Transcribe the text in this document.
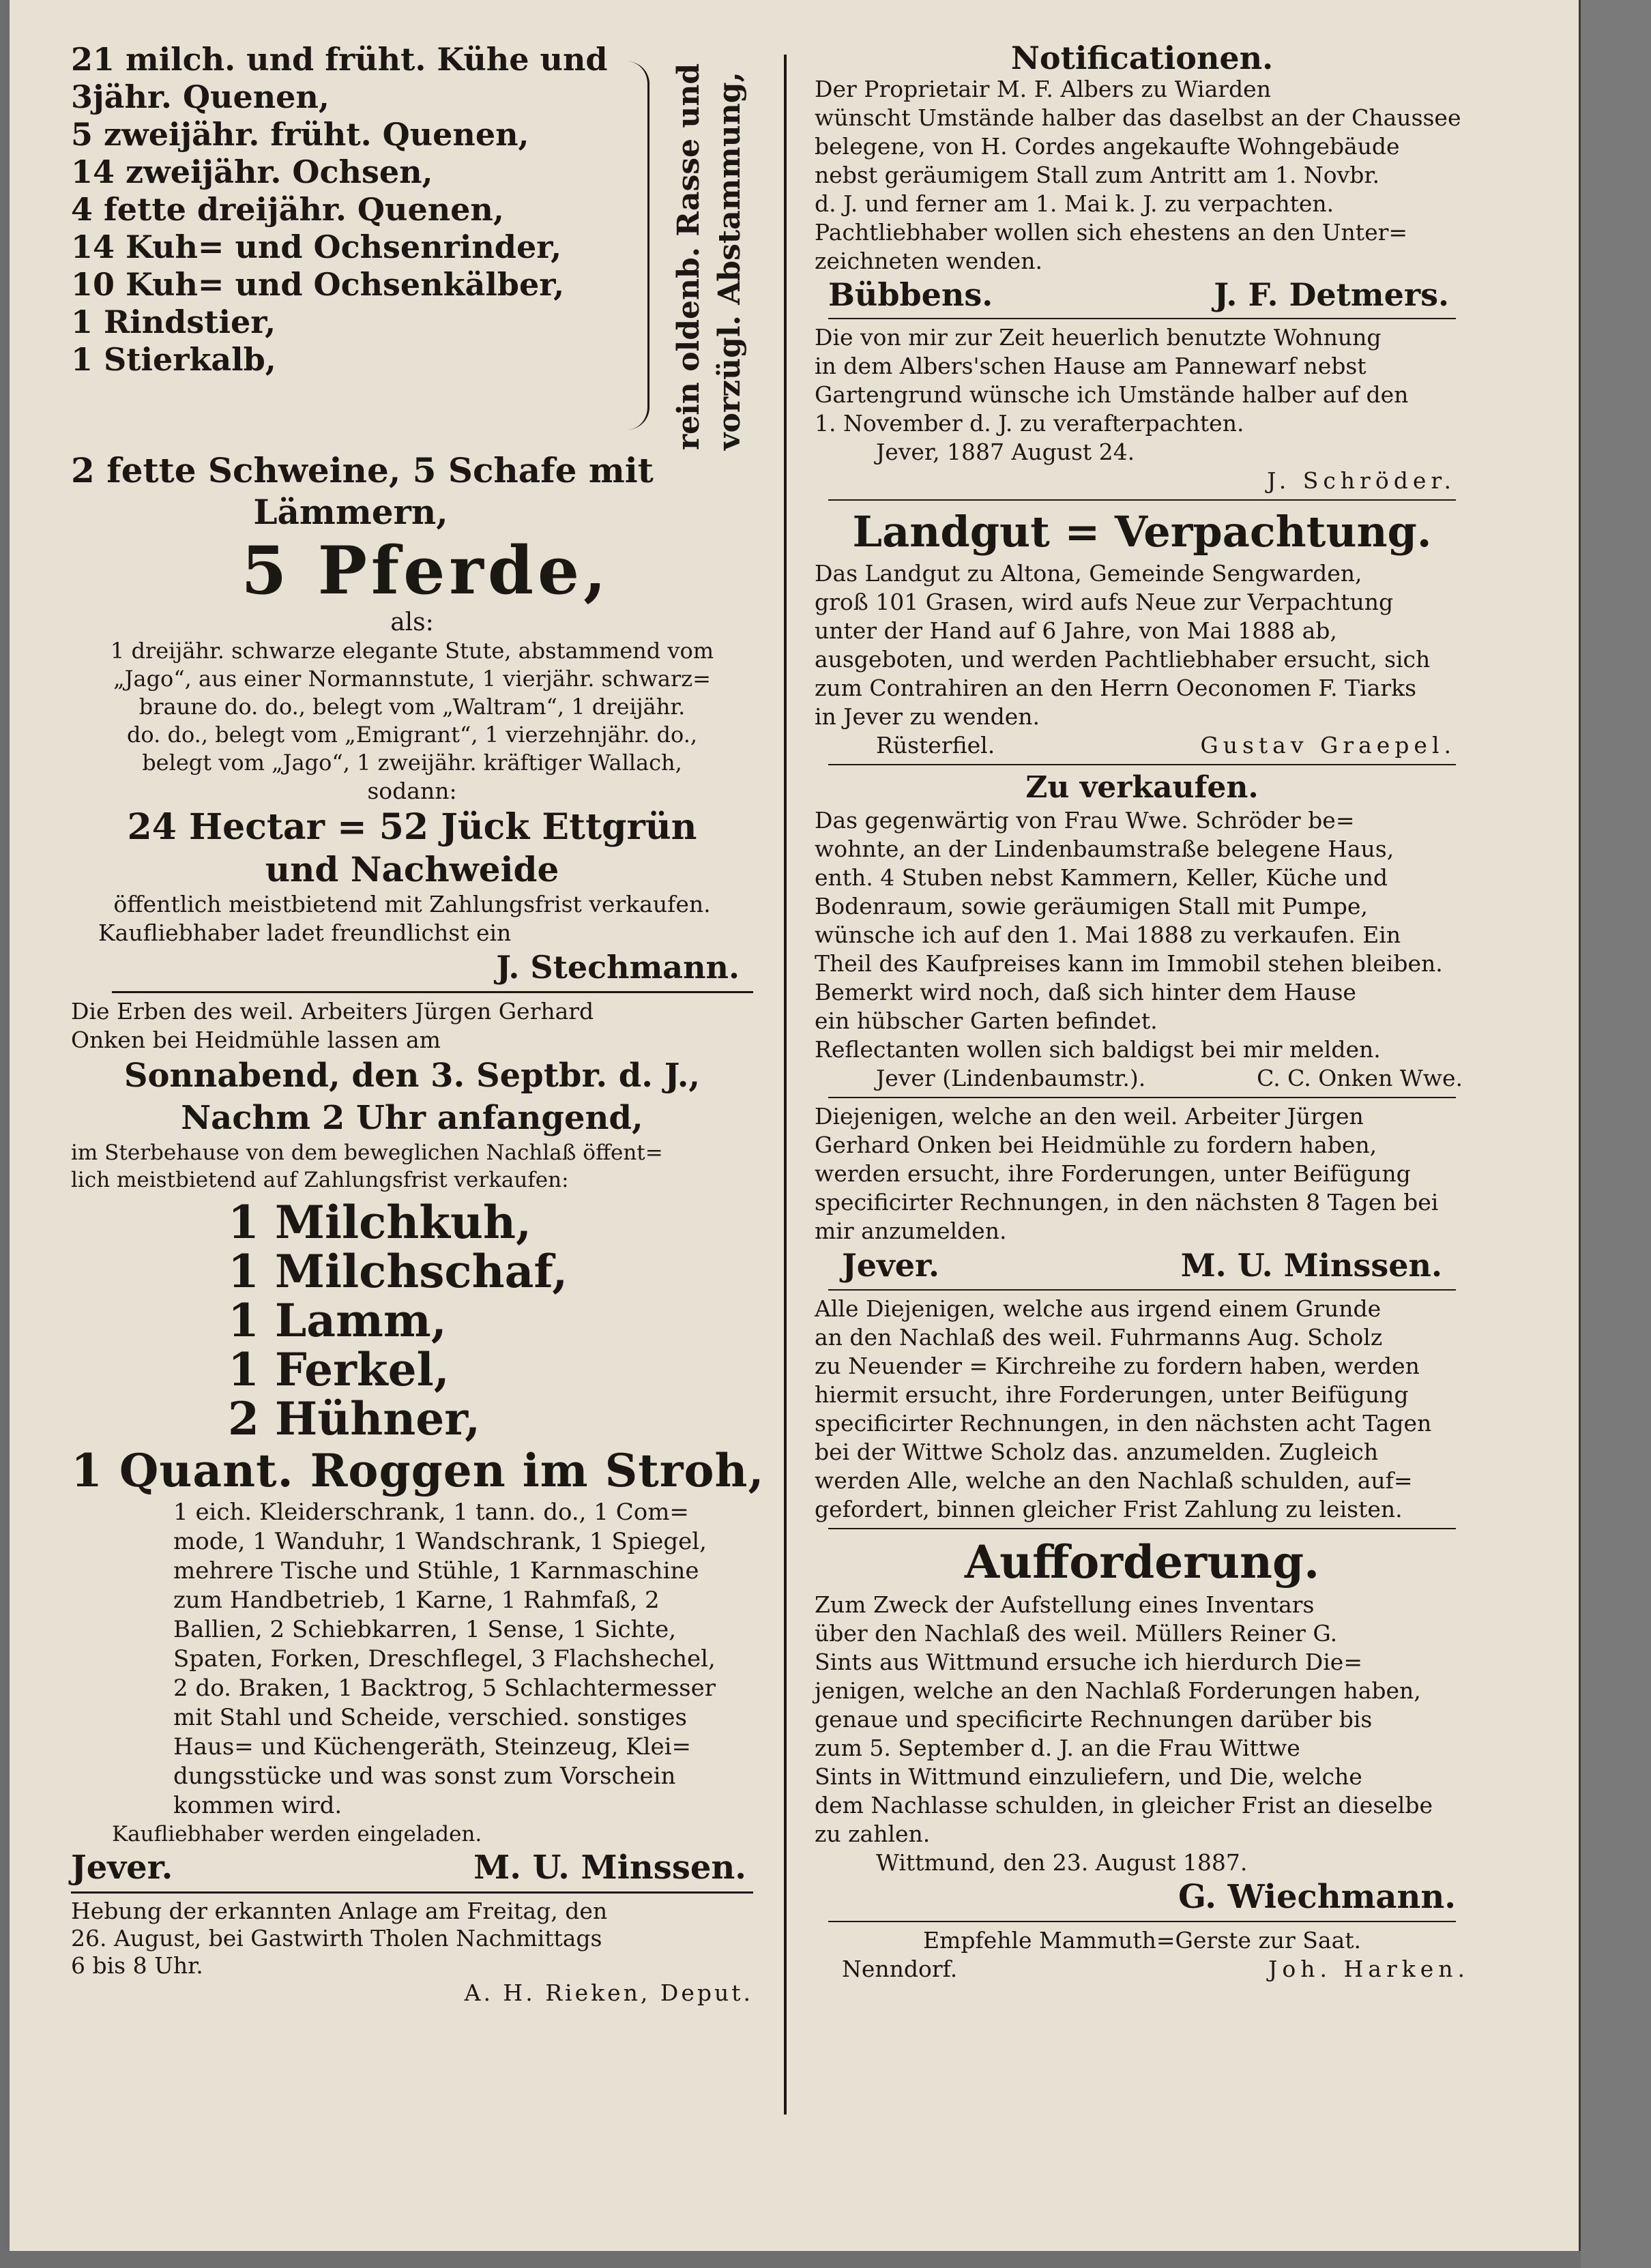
21 milch. und früht. Kühe und
3jähr. Quenen,
5 zweijähr. früht. Quenen,
14 zweijähr. Ochsen,
4 fette dreijähr. Quenen,
14 Kuh= und Ochsenrinder,
10 Kuh= und Ochsenkälber,
1 Rindstier,
1 Stierkalb,	rein oldenb. Rasse und vorzügl. Abstammung,
2 fette Schweine, 5 Schafe mit
Lämmern,
5 Pferde,
als:
1 dreijähr. schwarze elegante Stute, abstammend vom
„Jago“, aus einer Normannstute, 1 vierjähr. schwarz=
braune do. do., belegt vom „Waltram“, 1 dreijähr.
do. do., belegt vom „Emigrant“, 1 vierzehnjähr. do.,
belegt vom „Jago“, 1 zweijähr. kräftiger Wallach,
sodann:
24 Hectar = 52 Jück Ettgrün
und Nachweide
öffentlich meistbietend mit Zahlungsfrist verkaufen.
Kaufliebhaber ladet freundlichst ein
J. Stechmann.
Die Erben des weil. Arbeiters Jürgen Gerhard
Onken bei Heidmühle lassen am
Sonnabend, den 3. Septbr. d. J.,
Nachm 2 Uhr anfangend,
im Sterbehause von dem beweglichen Nachlaß öffent=
lich meistbietend auf Zahlungsfrist verkaufen:
1 Milchkuh,
1 Milchschaf,
1 Lamm,
1 Ferkel,
2 Hühner,
1 Quant. Roggen im Stroh,
1 eich. Kleiderschrank, 1 tann. do., 1 Com=
mode, 1 Wanduhr, 1 Wandschrank, 1 Spiegel,
mehrere Tische und Stühle, 1 Karnmaschine
zum Handbetrieb, 1 Karne, 1 Rahmfaß, 2
Ballien, 2 Schiebkarren, 1 Sense, 1 Sichte,
Spaten, Forken, Dreschflegel, 3 Flachshechel,
2 do. Braken, 1 Backtrog, 5 Schlachtermesser
mit Stahl und Scheide, verschied. sonstiges
Haus= und Küchengeräth, Steinzeug, Klei=
dungsstücke und was sonst zum Vorschein
kommen wird.
Kaufliebhaber werden eingeladen.
Jever.	M. U. Minssen.
Hebung der erkannten Anlage am Freitag, den
26. August, bei Gastwirth Tholen Nachmittags
6 bis 8 Uhr.
A. H. Rieken, Deput.
Notificationen.
Der Proprietair M. F. Albers zu Wiarden
wünscht Umstände halber das daselbst an der Chaussee
belegene, von H. Cordes angekaufte Wohngebäude
nebst geräumigem Stall zum Antritt am 1. Novbr.
d. J. und ferner am 1. Mai k. J. zu verpachten.
Pachtliebhaber wollen sich ehestens an den Unter=
zeichneten wenden.
Bübbens.	J. F. Detmers.
Die von mir zur Zeit heuerlich benutzte Wohnung
in dem Albers'schen Hause am Pannewarf nebst
Gartengrund wünsche ich Umstände halber auf den
1. November d. J. zu verafterpachten.
Jever, 1887 August 24.
J. Schröder.
Landgut = Verpachtung.
Das Landgut zu Altona, Gemeinde Sengwarden,
groß 101 Grasen, wird aufs Neue zur Verpachtung
unter der Hand auf 6 Jahre, von Mai 1888 ab,
ausgeboten, und werden Pachtliebhaber ersucht, sich
zum Contrahiren an den Herrn Oeconomen F. Tiarks
in Jever zu wenden.
Rüsterfiel.	Gustav Graepel.
Zu verkaufen.
Das gegenwärtig von Frau Wwe. Schröder be=
wohnte, an der Lindenbaumstraße belegene Haus,
enth. 4 Stuben nebst Kammern, Keller, Küche und
Bodenraum, sowie geräumigen Stall mit Pumpe,
wünsche ich auf den 1. Mai 1888 zu verkaufen. Ein
Theil des Kaufpreises kann im Immobil stehen bleiben.
Bemerkt wird noch, daß sich hinter dem Hause
ein hübscher Garten befindet.
Reflectanten wollen sich baldigst bei mir melden.
Jever (Lindenbaumstr.).	C. C. Onken Wwe.
Diejenigen, welche an den weil. Arbeiter Jürgen
Gerhard Onken bei Heidmühle zu fordern haben,
werden ersucht, ihre Forderungen, unter Beifügung
specificirter Rechnungen, in den nächsten 8 Tagen bei
mir anzumelden.
Jever.	M. U. Minssen.
Alle Diejenigen, welche aus irgend einem Grunde
an den Nachlaß des weil. Fuhrmanns Aug. Scholz
zu Neuender = Kirchreihe zu fordern haben, werden
hiermit ersucht, ihre Forderungen, unter Beifügung
specificirter Rechnungen, in den nächsten acht Tagen
bei der Wittwe Scholz das. anzumelden. Zugleich
werden Alle, welche an den Nachlaß schulden, auf=
gefordert, binnen gleicher Frist Zahlung zu leisten.
Aufforderung.
Zum Zweck der Aufstellung eines Inventars
über den Nachlaß des weil. Müllers Reiner G.
Sints aus Wittmund ersuche ich hierdurch Die=
jenigen, welche an den Nachlaß Forderungen haben,
genaue und specificirte Rechnungen darüber bis
zum 5. September d. J. an die Frau Wittwe
Sints in Wittmund einzuliefern, und Die, welche
dem Nachlasse schulden, in gleicher Frist an dieselbe
zu zahlen.
Wittmund, den 23. August 1887.
G. Wiechmann.
Empfehle Mammuth=Gerste zur Saat.
Nenndorf.	Joh. Harken.
